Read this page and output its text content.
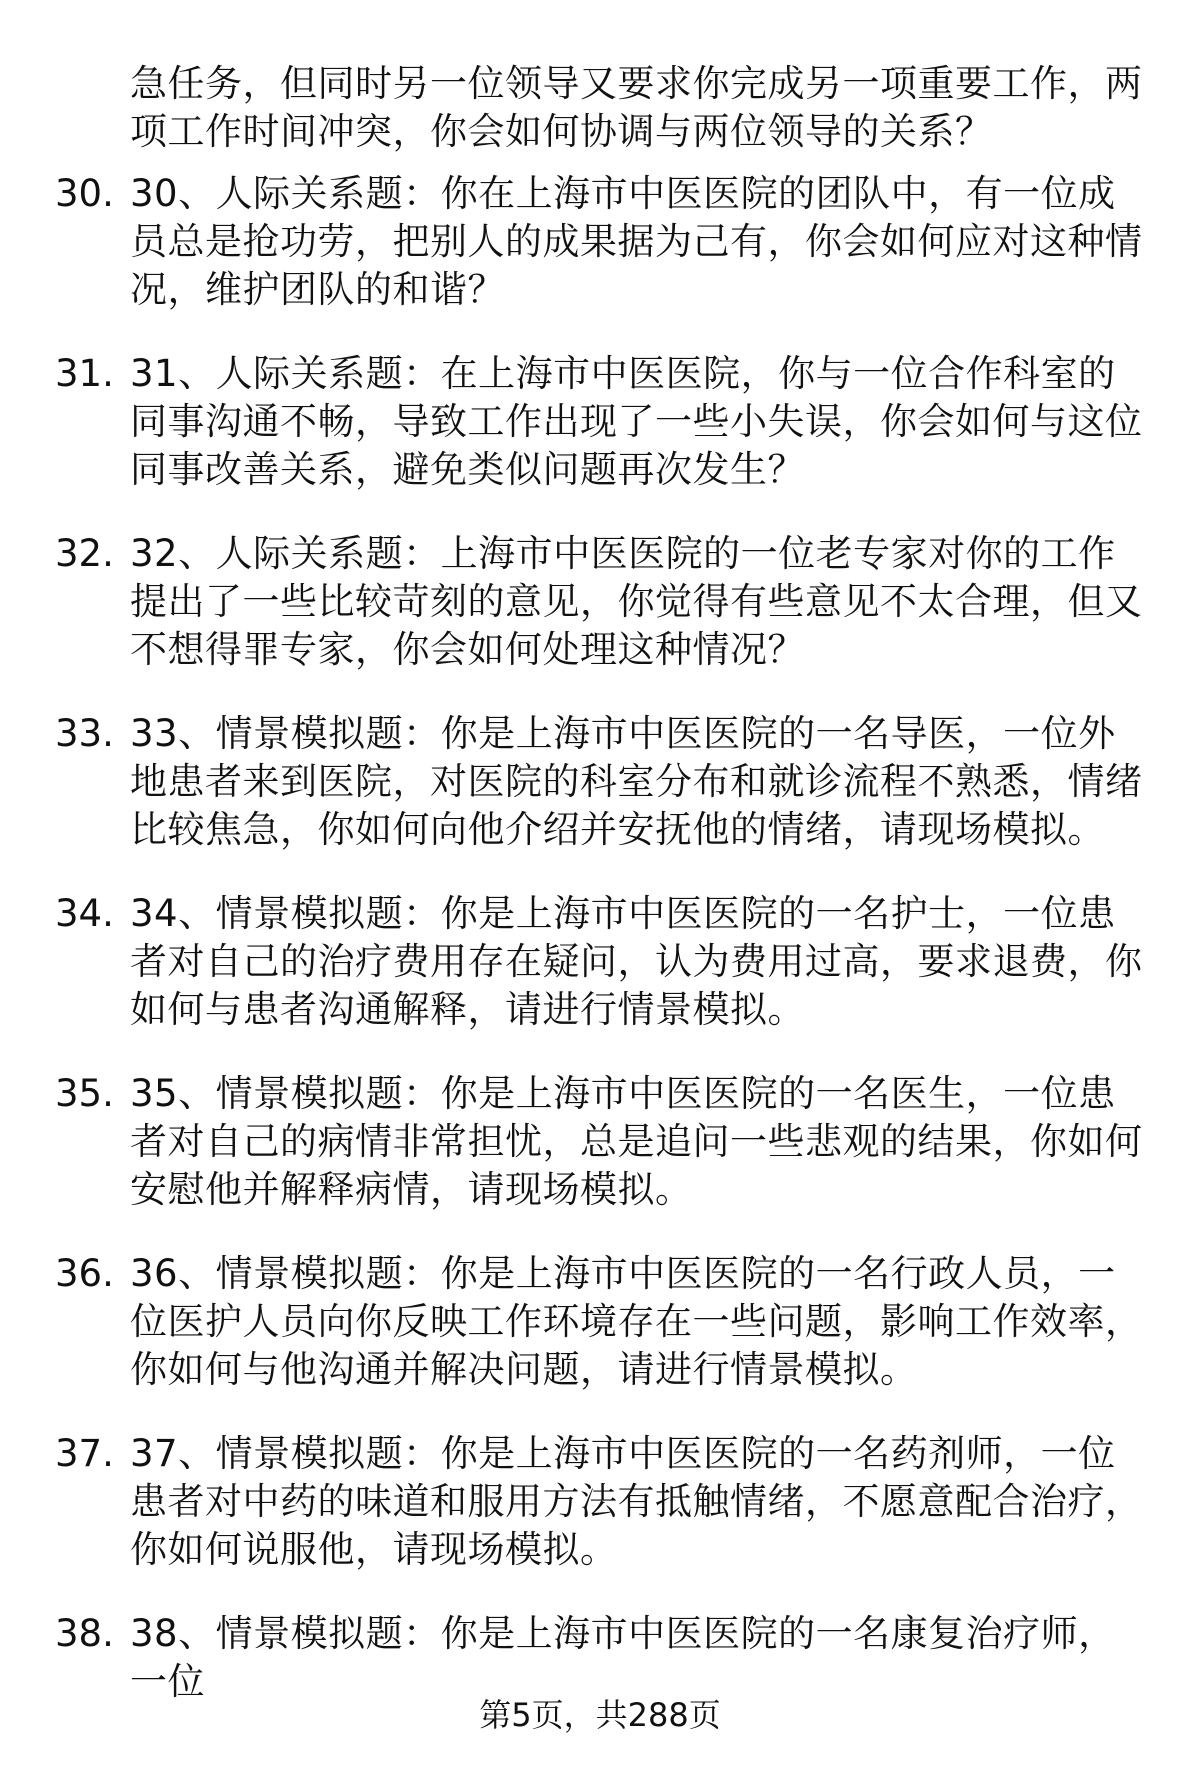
急任务，但同时另一位领导又要求你完成另一项重要工作，两项工作时间冲突，你会如何协调与两位领导的关系？

30. 30、人际关系题：你在上海市中医医院的团队中，有一位成员总是抢功劳，把别人的成果据为己有，你会如何应对这种情况，维护团队的和谐？

31. 31、人际关系题：在上海市中医医院，你与一位合作科室的同事沟通不畅，导致工作出现了一些小失误，你会如何与这位同事改善关系，避免类似问题再次发生？

32. 32、人际关系题：上海市中医医院的一位老专家对你的工作提出了一些比较苛刻的意见，你觉得有些意见不太合理，但又不想得罪专家，你会如何处理这种情况？

33. 33、情景模拟题：你是上海市中医医院的一名导医，一位外地患者来到医院，对医院的科室分布和就诊流程不熟悉，情绪比较焦急，你如何向他介绍并安抚他的情绪，请现场模拟。

34. 34、情景模拟题：你是上海市中医医院的一名护士，一位患者对自己的治疗费用存在疑问，认为费用过高，要求退费，你如何与患者沟通解释，请进行情景模拟。

35. 35、情景模拟题：你是上海市中医医院的一名医生，一位患者对自己的病情非常担忧，总是追问一些悲观的结果，你如何安慰他并解释病情，请现场模拟。

36. 36、情景模拟题：你是上海市中医医院的一名行政人员，一位医护人员向你反映工作环境存在一些问题，影响工作效率，你如何与他沟通并解决问题，请进行情景模拟。

37. 37、情景模拟题：你是上海市中医医院的一名药剂师，一位患者对中药的味道和服用方法有抵触情绪，不愿意配合治疗，你如何说服他，请现场模拟。

38. 38、情景模拟题：你是上海市中医医院的一名康复治疗师，一位

第5页，共288页
